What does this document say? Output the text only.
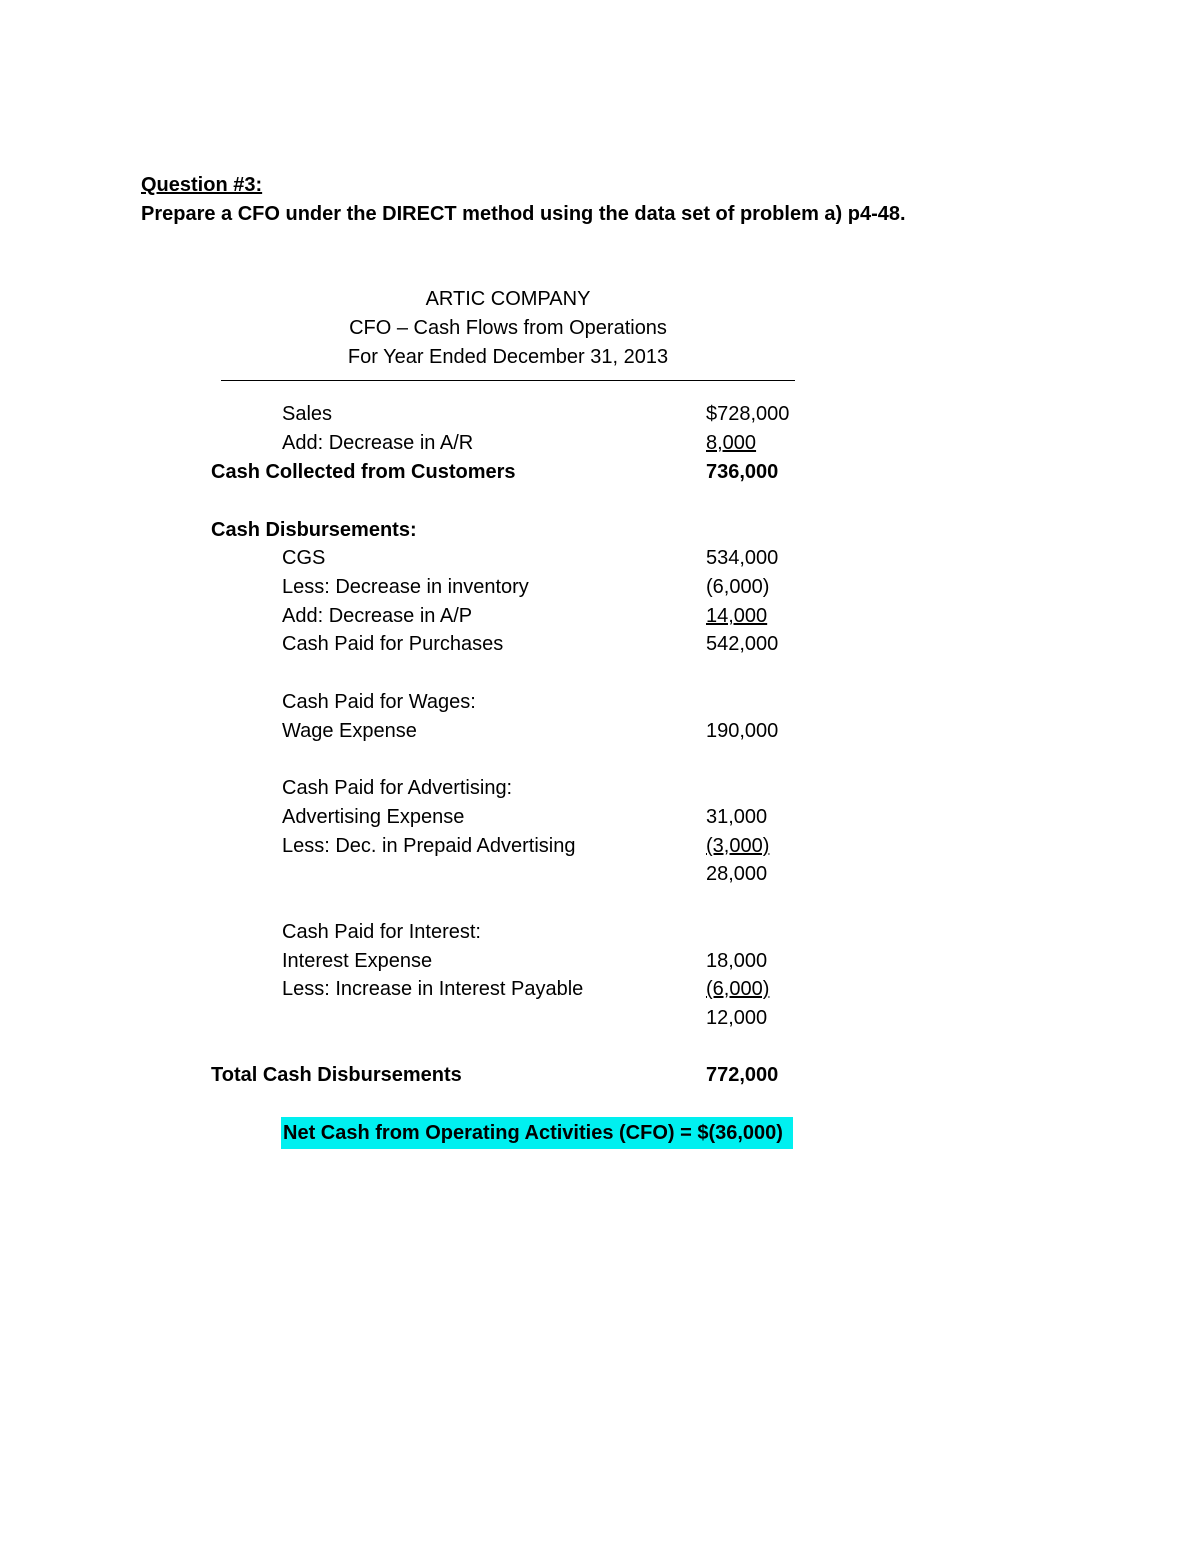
Question #3:
Prepare a CFO under the DIRECT method using the data set of problem a) p4-48.
ARTIC COMPANY
CFO – Cash Flows from Operations
For Year Ended December 31, 2013
Sales	$728,000
Add: Decrease in A/R	8,000
Cash Collected from Customers	736,000
Cash Disbursements:
CGS	534,000
Less: Decrease in inventory	(6,000)
Add: Decrease in A/P	14,000
Cash Paid for Purchases	542,000
Cash Paid for Wages:
Wage Expense	190,000
Cash Paid for Advertising:
Advertising Expense	31,000
Less: Dec. in Prepaid Advertising	(3,000)
28,000
Cash Paid for Interest:
Interest Expense	18,000
Less: Increase in Interest Payable	(6,000)
12,000
Total Cash Disbursements	772,000
Net Cash from Operating Activities (CFO) = $(36,000)
